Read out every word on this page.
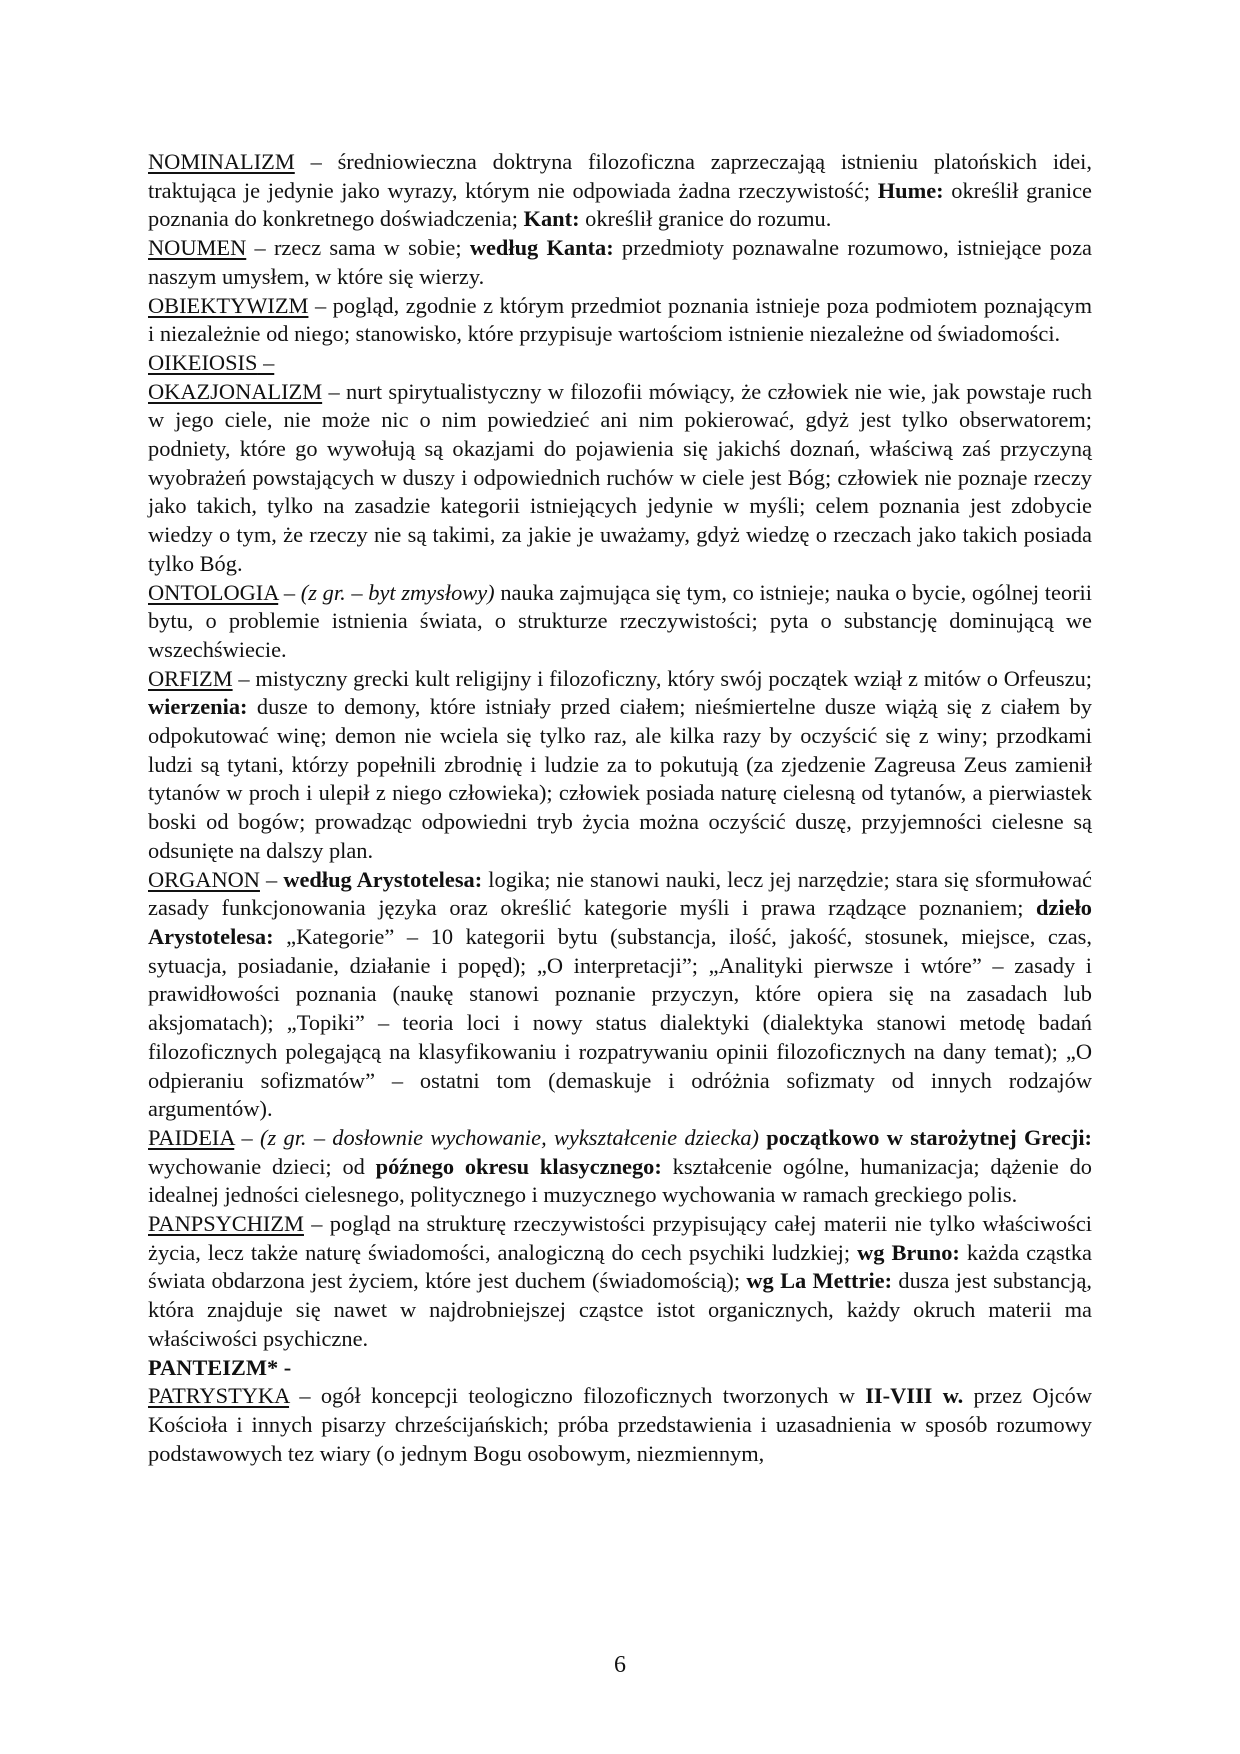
NOMINALIZM – średniowieczna doktryna filozoficzna zaprzeczająą istnieniu platońskich idei, traktująca je jedynie jako wyrazy, którym nie odpowiada żadna rzeczywistość; Hume: określił granice poznania do konkretnego doświadczenia; Kant: określił granice do rozumu.

NOUMEN – rzecz sama w sobie; według Kanta: przedmioty poznawalne rozumowo, istniejące poza naszym umysłem, w które się wierzy.

OBIEKTYWIZM – pogląd, zgodnie z którym przedmiot poznania istnieje poza podmiotem poznającym i niezależnie od niego; stanowisko, które przypisuje wartościom istnienie niezależne od świadomości.

OIKEIOSIS –

OKAZJONALIZM – nurt spirytualistyczny w filozofii mówiący, że człowiek nie wie, jak powstaje ruch w jego ciele, nie może nic o nim powiedzieć ani nim pokierować, gdyż jest tylko obserwatorem; podniety, które go wywołują są okazjami do pojawienia się jakichś doznań, właściwą zaś przyczyną wyobrażeń powstających w duszy i odpowiednich ruchów w ciele jest Bóg; człowiek nie poznaje rzeczy jako takich, tylko na zasadzie kategorii istniejących jedynie w myśli; celem poznania jest zdobycie wiedzy o tym, że rzeczy nie są takimi, za jakie je uważamy, gdyż wiedzę o rzeczach jako takich posiada tylko Bóg.

ONTOLOGIA – (z gr. – byt zmysłowy) nauka zajmująca się tym, co istnieje; nauka o bycie, ogólnej teorii bytu, o problemie istnienia świata, o strukturze rzeczywistości; pyta o substancję dominującą we wszechświecie.

ORFIZM – mistyczny grecki kult religijny i filozoficzny, który swój początek wziął z mitów o Orfeuszu; wierzenia: dusze to demony, które istniały przed ciałem; nieśmiertelne dusze wiążą się z ciałem by odpokutować winę; demon nie wciela się tylko raz, ale kilka razy by oczyścić się z winy; przodkami ludzi są tytani, którzy popełnili zbrodnię i ludzie za to pokutują (za zjedzenie Zagreusa Zeus zamienił tytanów w proch i ulepił z niego człowieka); człowiek posiada naturę cielesną od tytanów, a pierwiastek boski od bogów; prowadząc odpowiedni tryb życia można oczyścić duszę, przyjemności cielesne są odsunięte na dalszy plan.

ORGANON – według Arystotelesa: logika; nie stanowi nauki, lecz jej narzędzie; stara się sformułować zasady funkcjonowania języka oraz określić kategorie myśli i prawa rządzące poznaniem; dzieło Arystotelesa: „Kategorie” – 10 kategorii bytu (substancja, ilość, jakość, stosunek, miejsce, czas, sytuacja, posiadanie, działanie i popęd); „O interpretacji”; „Analityki pierwsze i wtóre” – zasady i prawidłowości poznania (naukę stanowi poznanie przyczyn, które opiera się na zasadach lub aksjomatach); „Topiki” – teoria loci i nowy status dialektyki (dialektyka stanowi metodę badań filozoficznych polegającą na klasyfikowaniu i rozpatrywaniu opinii filozoficznych na dany temat); „O odpieraniu sofizmatów” – ostatni tom (demaskuje i odróżnia sofizmaty od innych rodzajów argumentów).

PAIDEIA – (z gr. – dosłownie wychowanie, wykształcenie dziecka) początkowo w starożytnej Grecji: wychowanie dzieci; od późnego okresu klasycznego: kształcenie ogólne, humanizacja; dążenie do idealnej jedności cielesnego, politycznego i muzycznego wychowania w ramach greckiego polis.

PANPSYCHIZM – pogląd na strukturę rzeczywistości przypisujący całej materii nie tylko właściwości życia, lecz także naturę świadomości, analogiczną do cech psychiki ludzkiej; wg Bruno: każda cząstka świata obdarzona jest życiem, które jest duchem (świadomością); wg La Mettrie: dusza jest substancją, która znajduje się nawet w najdrobniejszej cząstce istot organicznych, każdy okruch materii ma właściwości psychiczne.

PANTEIZM* -

PATRYSTYKA – ogół koncepcji teologiczno filozoficznych tworzonych w II-VIII w. przez Ojców Kościoła i innych pisarzy chrześcijańskich; próba przedstawienia i uzasadnienia w sposób rozumowy podstawowych tez wiary (o jednym Bogu osobowym, niezmiennym,

6
